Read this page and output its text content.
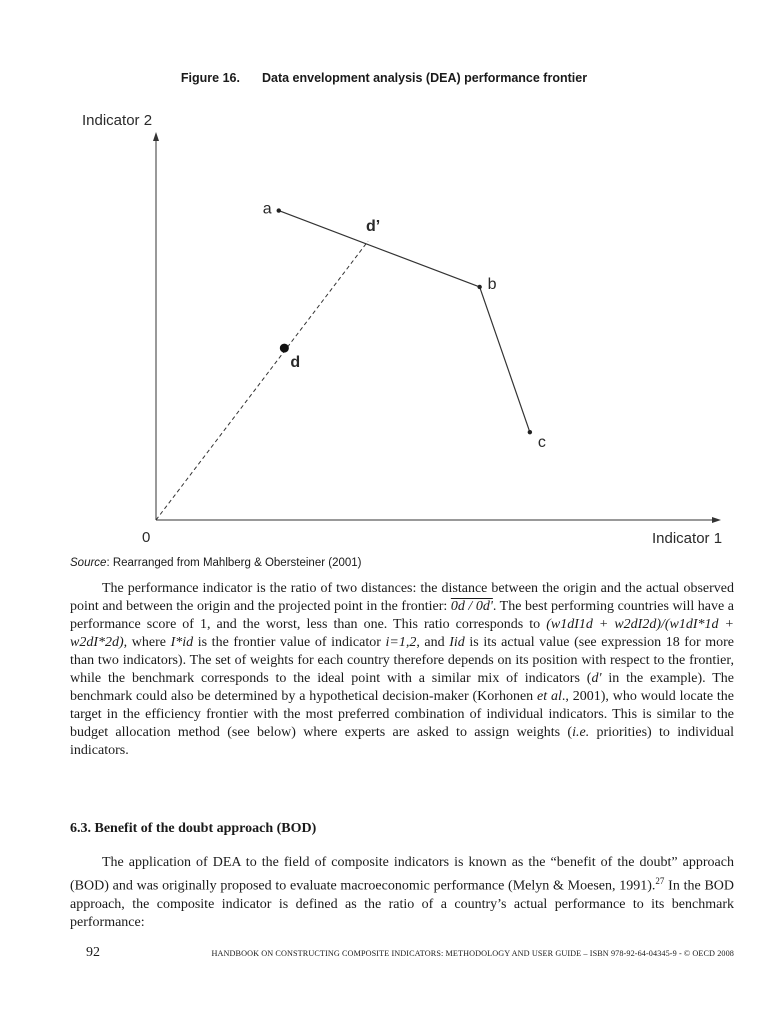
Figure 16. Data envelopment analysis (DEA) performance frontier
Indicator 2
Indicator 1
0
a
b
c
d
d’
Source: Rearranged from Mahlberg & Obersteiner (2001)

The performance indicator is the ratio of two distances: the distance between the origin and the actual observed point and between the origin and the projected point in the frontier: 0d / 0d'. The best performing countries will have a performance score of 1, and the worst, less than one. This ratio corresponds to (w1dI1d + w2dI2d)/(w1dI*1d + w2dI*2d), where I*id is the frontier value of indicator i=1,2, and Iid is its actual value (see expression 18 for more than two indicators). The set of weights for each country therefore depends on its position with respect to the frontier, while the benchmark corresponds to the ideal point with a similar mix of indicators (d' in the example). The benchmark could also be determined by a hypothetical decision-maker (Korhonen et al., 2001), who would locate the target in the efficiency frontier with the most preferred combination of individual indicators. This is similar to the budget allocation method (see below) where experts are asked to assign weights (i.e. priorities) to individual indicators.

6.3. Benefit of the doubt approach (BOD)

The application of DEA to the field of composite indicators is known as the “benefit of the doubt” approach (BOD) and was originally proposed to evaluate macroeconomic performance (Melyn & Moesen, 1991).$^{27}$ In the BOD approach, the composite indicator is defined as the ratio of a country’s actual performance to its benchmark performance:

92	HANDBOOK ON CONSTRUCTING COMPOSITE INDICATORS: METHODOLOGY AND USER GUIDE – ISBN 978-92-64-04345-9 - © OECD 2008
